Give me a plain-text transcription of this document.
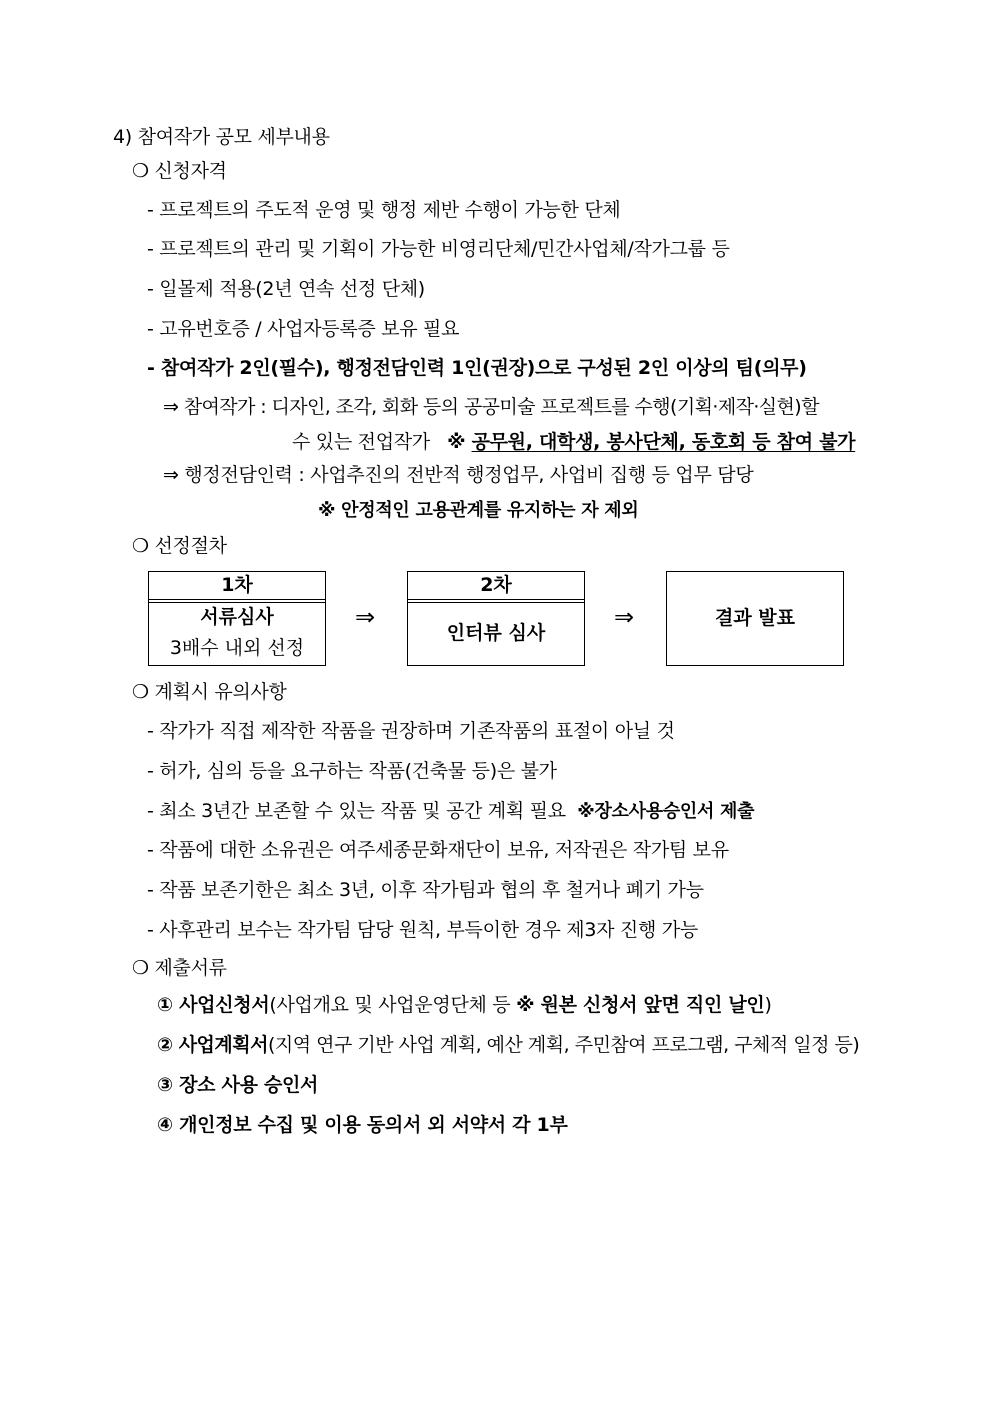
4) 참여작가 공모 세부내용
❍ 신청자격
- 프로젝트의 주도적 운영 및 행정 제반 수행이 가능한 단체
- 프로젝트의 관리 및 기획이 가능한 비영리단체/민간사업체/작가그룹 등
- 일몰제 적용(2년 연속 선정 단체)
- 고유번호증 / 사업자등록증 보유 필요
- 참여작가 2인(필수), 행정전담인력 1인(권장)으로 구성된 2인 이상의 팀(의무)
⇒ 참여작가 : 디자인, 조각, 회화 등의 공공미술 프로젝트를 수행(기획·제작·실현)할
수 있는 전업작가 ※ 공무원, 대학생, 봉사단체, 동호회 등 참여 불가
⇒ 행정전담인력 : 사업추진의 전반적 행정업무, 사업비 집행 등 업무 담당
※ 안정적인 고용관계를 유지하는 자 제외
❍ 선정절차
1차
서류심사
3배수 내외 선정
⇒
2차
인터뷰 심사
⇒	결과 발표
❍ 계획시 유의사항
- 작가가 직접 제작한 작품을 권장하며 기존작품의 표절이 아닐 것
- 허가, 심의 등을 요구하는 작품(건축물 등)은 불가
- 최소 3년간 보존할 수 있는 작품 및 공간 계획 필요 ※장소사용승인서 제출
- 작품에 대한 소유권은 여주세종문화재단이 보유, 저작권은 작가팀 보유
- 작품 보존기한은 최소 3년, 이후 작가팀과 협의 후 철거나 폐기 가능
- 사후관리 보수는 작가팀 담당 원칙, 부득이한 경우 제3자 진행 가능
❍ 제출서류
① 사업신청서(사업개요 및 사업운영단체 등 ※ 원본 신청서 앞면 직인 날인)
② 사업계획서(지역 연구 기반 사업 계획, 예산 계획, 주민참여 프로그램, 구체적 일정 등)
③ 장소 사용 승인서
④ 개인정보 수집 및 이용 동의서 외 서약서 각 1부
